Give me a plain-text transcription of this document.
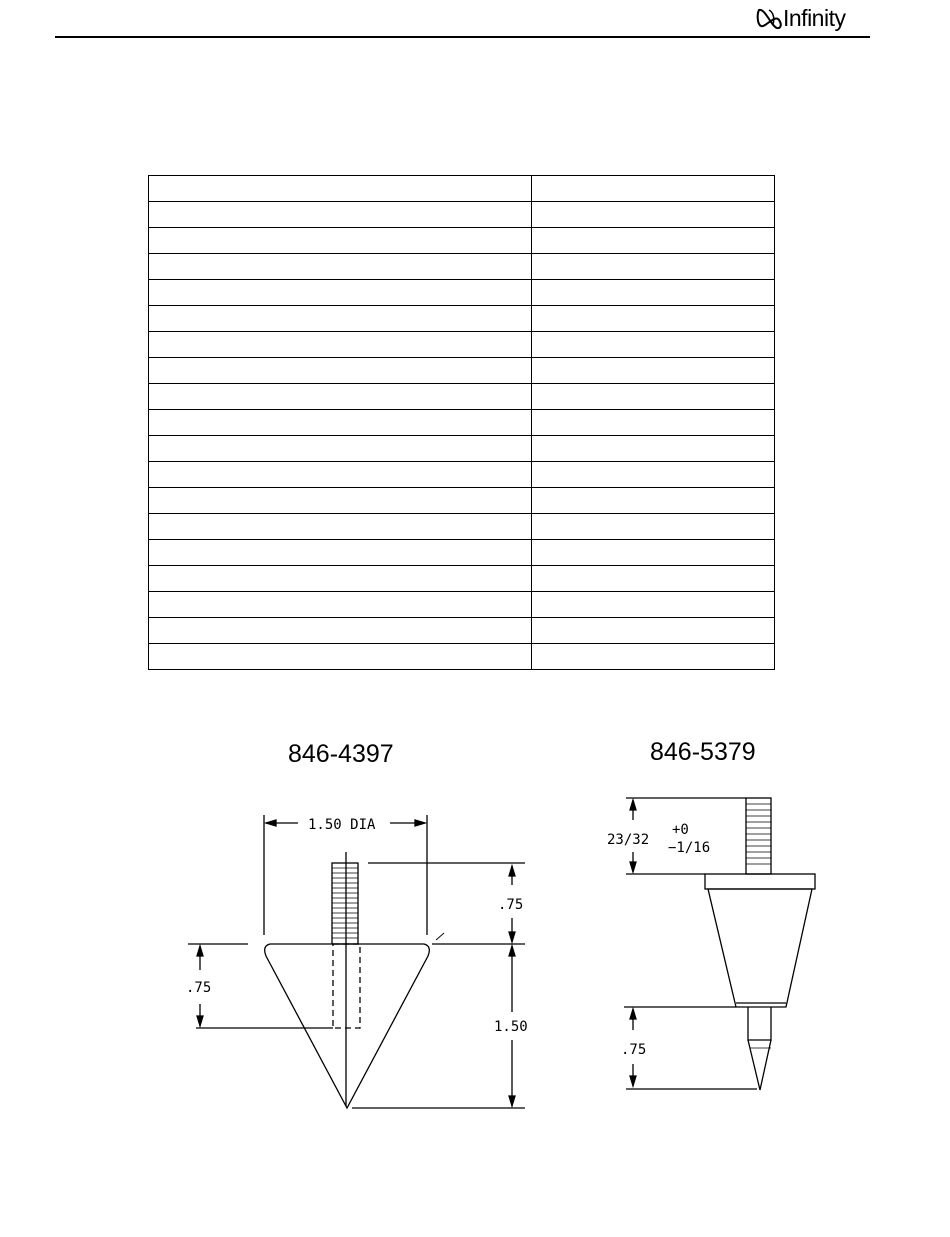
Infinity

846-4397	846-5379
1.50 DIA
.75
.75
1.50
23/32
+0
−1/16
.75
